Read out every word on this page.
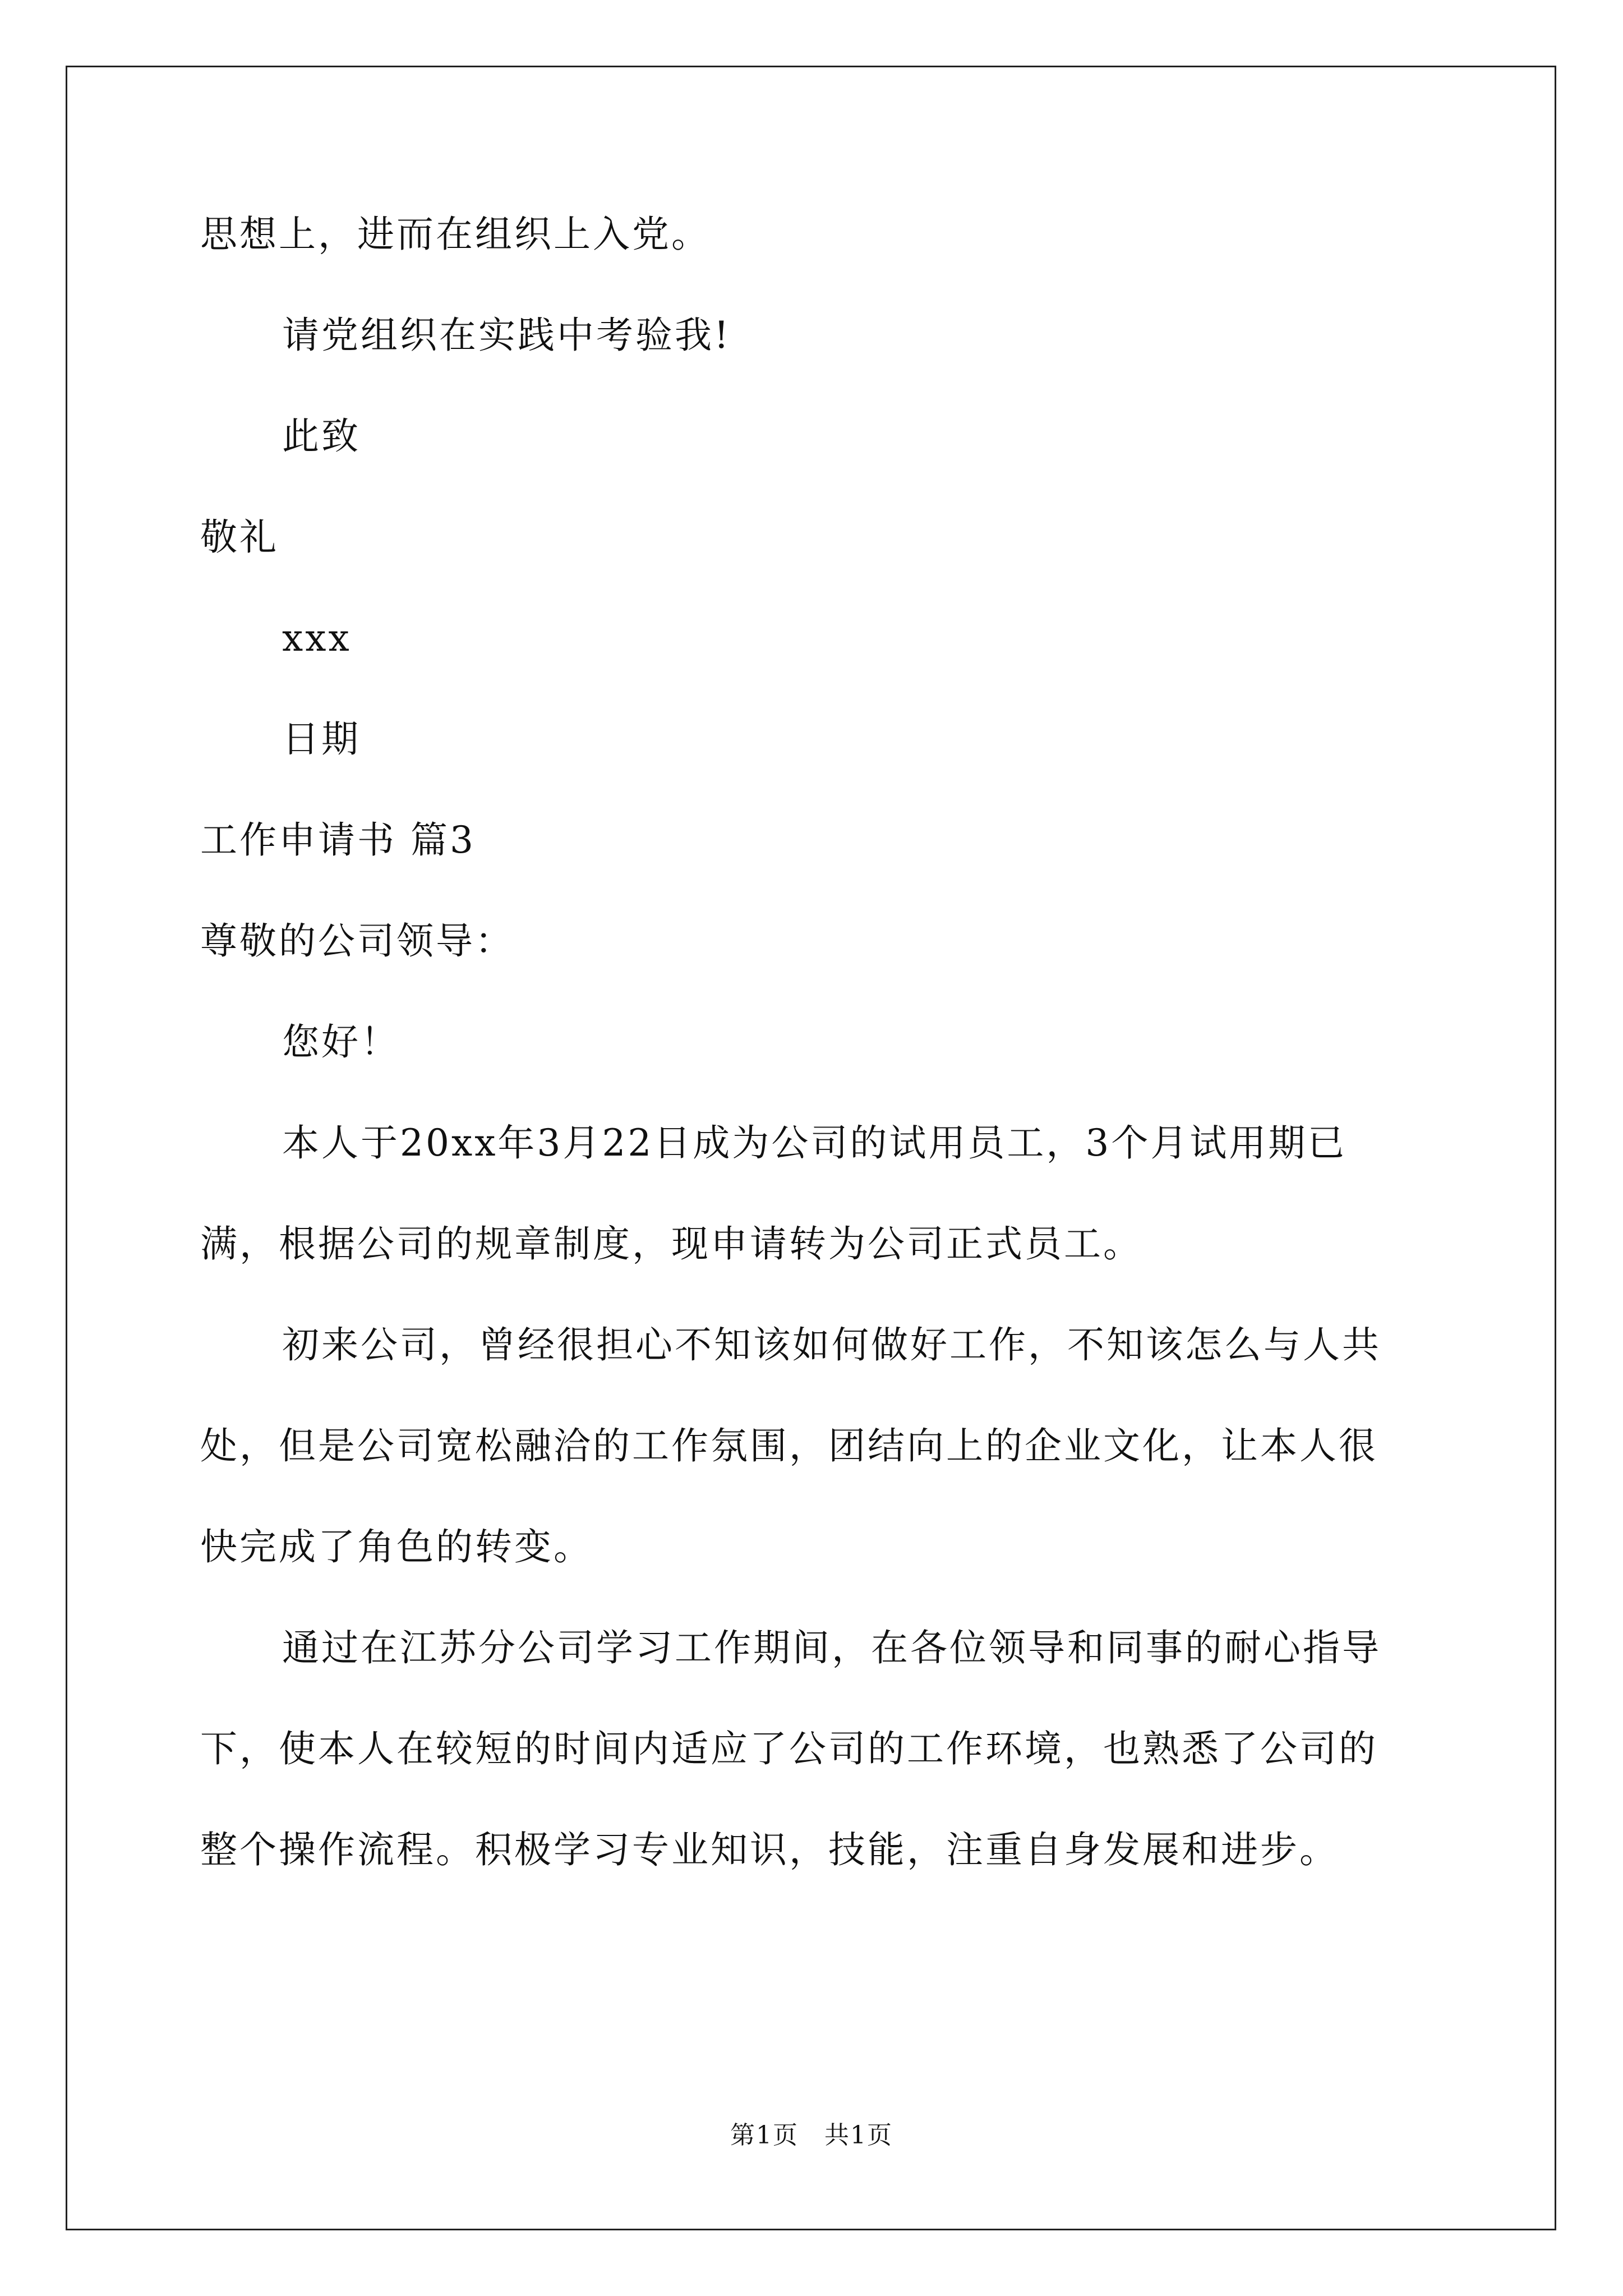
思想上，进而在组织上入党。
请党组织在实践中考验我!
此致
敬礼
xxx
日期
工作申请书 篇3
尊敬的公司领导：
您好！
本人于20xx年3月22日成为公司的试用员工，3个月试用期已
满，根据公司的规章制度，现申请转为公司正式员工。
初来公司，曾经很担心不知该如何做好工作，不知该怎么与人共
处，但是公司宽松融洽的工作氛围，团结向上的企业文化，让本人很
快完成了角色的转变。
通过在江苏分公司学习工作期间，在各位领导和同事的耐心指导
下，使本人在较短的时间内适应了公司的工作环境，也熟悉了公司的
整个操作流程。积极学习专业知识，技能，注重自身发展和进步。
第1页　共1页
